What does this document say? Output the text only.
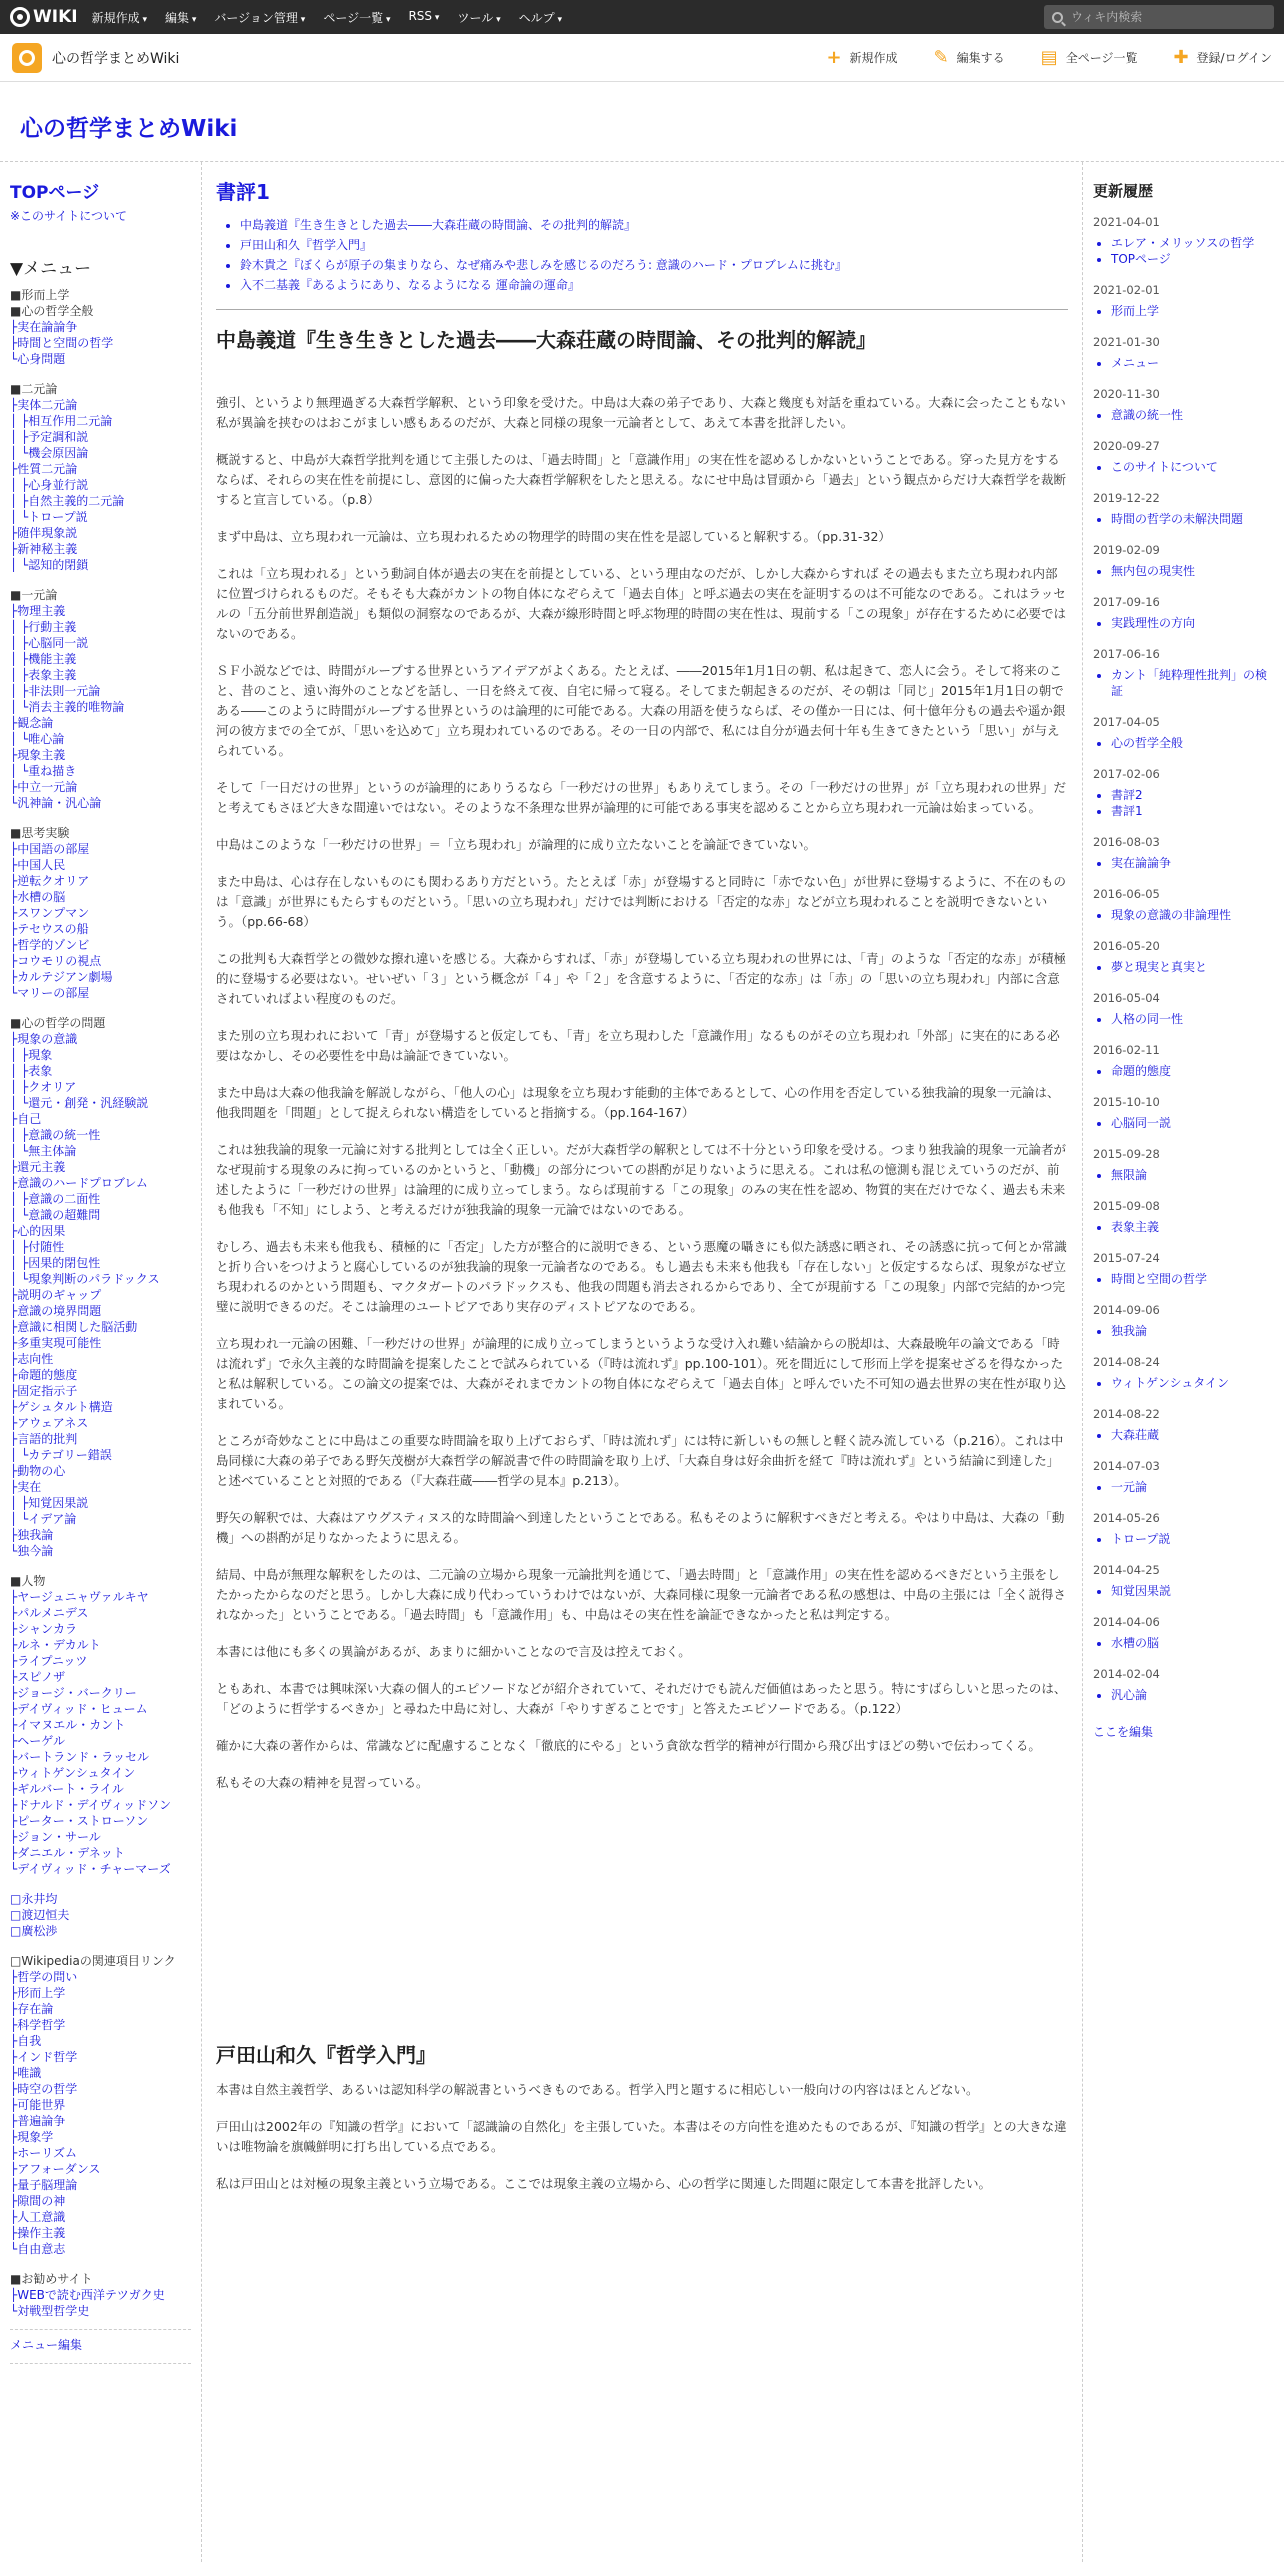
WIKI 新規作成 ▾	編集 ▾	バージョン管理 ▾	ページ一覧 ▾	RSS ▾	ツール ▾	ヘルプ ▾
ウィキ内検索
心の哲学まとめWiki	+ 新規作成 ✎ 編集する ▤ 全ページ一覧 ✚ 登録/ログイン
心の哲学まとめWiki
TOPページ
※このサイトについて
▼メニュー
■形而上学
■心の哲学全般
├実在論論争
├時間と空間の哲学
└心身問題
■二元論
├実体二元論
│ ├相互作用二元論
│ ├予定調和説
│ └機会原因論
├性質二元論
│ ├心身並行説
│ ├自然主義的二元論
│ └トロープ説
├随伴現象説
├新神秘主義
│ └認知的閉鎖
■一元論
├物理主義
│ ├行動主義
│ ├心脳同一説
│ ├機能主義
│ ├表象主義
│ ├非法則一元論
│ └消去主義的唯物論
├観念論
│ └唯心論
├現象主義
│ └重ね描き
├中立一元論
└汎神論・汎心論
■思考実験
├中国語の部屋
├中国人民
├逆転クオリア
├水槽の脳
├スワンプマン
├テセウスの船
├哲学的ゾンビ
├コウモリの視点
├カルテジアン劇場
└マリーの部屋
■心の哲学の問題
├現象の意識
│ ├現象
│ ├表象
│ ├クオリア
│ └還元・創発・汎経験説
├自己
│ ├意識の統一性
│ └無主体論
├還元主義
├意識のハードプロブレム
│ ├意識の二面性
│ └意識の超難問
├心的因果
│ ├付随性
│ ├因果的閉包性
│ └現象判断のパラドックス
├説明のギャップ
├意識の境界問題
├意識に相関した脳活動
├多重実現可能性
├志向性
├命題的態度
├固定指示子
├ゲシュタルト構造
├アウェアネス
├言語的批判
│ └カテゴリー錯誤
├動物の心
├実在
│ ├知覚因果説
│ └イデア論
├独我論
└独今論
■人物
├ヤージュニャヴァルキヤ
├パルメニデス
├シャンカラ
├ルネ・デカルト
├ライプニッツ
├スピノザ
├ジョージ・バークリー
├デイヴィッド・ヒューム
├イマヌエル・カント
├ヘーゲル
├バートランド・ラッセル
├ウィトゲンシュタイン
├ギルバート・ライル
├ドナルド・デイヴィッドソン
├ピーター・ストローソン
├ジョン・サール
├ダニエル・デネット
└デイヴィッド・チャーマーズ
□永井均
□渡辺恒夫
□廣松渉
□Wikipediaの関連項目リンク
├哲学の問い
├形而上学
├存在論
├科学哲学
├自我
├インド哲学
├唯識
├時空の哲学
├可能世界
├普遍論争
├現象学
├ホーリズム
├アフォーダンス
├量子脳理論
├隙間の神
├人工意識
├操作主義
└自由意志
■お勧めサイト
├WEBで読む西洋テツガク史
└対戦型哲学史
メニュー編集
書評1
• 中島義道『生き生きとした過去――大森荘蔵の時間論、その批判的解読』
• 戸田山和久『哲学入門』
• 鈴木貴之『ぼくらが原子の集まりなら、なぜ痛みや悲しみを感じるのだろう: 意識のハード・プロブレムに挑む』
• 入不二基義『あるようにあり、なるようになる 運命論の運命』
中島義道『生き生きとした過去――大森荘蔵の時間論、その批判的解読』

強引、というより無理過ぎる大森哲学解釈、という印象を受けた。中島は大森の弟子であり、大森と幾度も対話を重ねている。大森に会ったこともない私が異論を挟むのはおこがましい感もあるのだが、大森と同様の現象一元論者として、あえて本書を批評したい。

概説すると、中島が大森哲学批判を通じて主張したのは、「過去時間」と「意識作用」の実在性を認めるしかないということである。穿った見方をするならば、それらの実在性を前提にし、意図的に偏った大森哲学解釈をしたと思える。なにせ中島は冒頭から「過去」という観点からだけ大森哲学を裁断すると宣言している。（p.8）

まず中島は、立ち現われ一元論は、立ち現われるための物理学的時間の実在性を是認していると解釈する。（pp.31-32）

これは「立ち現われる」という動詞自体が過去の実在を前提としている、という理由なのだが、しかし大森からすれば その過去もまた立ち現われ内部に位置づけられるものだ。そもそも大森がカントの物自体になぞらえて「過去自体」と呼ぶ過去の実在を証明するのは不可能なのである。これはラッセルの「五分前世界創造説」も類似の洞察なのであるが、大森が線形時間と呼ぶ物理的時間の実在性は、現前する「この現象」が存在するために必要ではないのである。

ＳＦ小説などでは、時間がループする世界というアイデアがよくある。たとえば、――2015年1月1日の朝、私は起きて、恋人に会う。そして将来のこと、昔のこと、遠い海外のことなどを話し、一日を終えて夜、自宅に帰って寝る。そしてまた朝起きるのだが、その朝は「同じ」2015年1月1日の朝である――このように時間がループする世界というのは論理的に可能である。大森の用語を使うならば、その僅か一日には、何十億年分もの過去や遥か銀河の彼方までの全てが、「思いを込めて」立ち現われているのである。その一日の内部で、私には自分が過去何十年も生きてきたという「思い」が与えられている。

そして「一日だけの世界」というのが論理的にありうるなら「一秒だけの世界」もありえてしまう。その「一秒だけの世界」が「立ち現われの世界」だと考えてもさほど大きな間違いではない。そのような不条理な世界が論理的に可能である事実を認めることから立ち現われ一元論は始まっている。

中島はこのような「一秒だけの世界」＝「立ち現われ」が論理的に成り立たないことを論証できていない。

また中島は、心は存在しないものにも関わるあり方だという。たとえば「赤」が登場すると同時に「赤でない色」が世界に登場するように、不在のものは「意識」が世界にもたらすものだという。「思いの立ち現われ」だけでは判断における「否定的な赤」などが立ち現われることを説明できないという。（pp.66-68）

この批判も大森哲学との微妙な擦れ違いを感じる。大森からすれば、「赤」が登場している立ち現われの世界には、「青」のような「否定的な赤」が積極的に登場する必要はない。せいぜい「３」という概念が「４」や「２」を含意するように、「否定的な赤」は「赤」の「思いの立ち現われ」内部に含意されていればよい程度のものだ。

また別の立ち現われにおいて「青」が登場すると仮定しても、「青」を立ち現わした「意識作用」なるものがその立ち現われ「外部」に実在的にある必要はなかし、その必要性を中島は論証できていない。

また中島は大森の他我論を解説しながら、「他人の心」は現象を立ち現わす能動的主体であるとして、心の作用を否定している独我論的現象一元論は、他我問題を「問題」として捉えられない構造をしていると指摘する。（pp.164-167）

これは独我論的現象一元論に対する批判としては全く正しい。だが大森哲学の解釈としては不十分という印象を受ける。つまり独我論的現象一元論者がなぜ現前する現象のみに拘っているのかというと、「動機」の部分についての斟酌が足りないように思える。これは私の憶測も混じえていうのだが、前述したように「一秒だけの世界」は論理的に成り立ってしまう。ならば現前する「この現象」のみの実在性を認め、物質的実在だけでなく、過去も未来も他我も「不知」にしよう、と考えるだけが独我論的現象一元論ではないのである。

むしろ、過去も未来も他我も、積極的に「否定」した方が整合的に説明できる、という悪魔の囁きにも似た誘惑に晒され、その誘惑に抗って何とか常識と折り合いをつけようと腐心しているのが独我論的現象一元論者なのである。もし過去も未来も他我も「存在しない」と仮定するならば、現象がなぜ立ち現われるのかという問題も、マクタガートのパラドックスも、他我の問題も消去されるからであり、全てが現前する「この現象」内部で完結的かつ完璧に説明できるのだ。そこは論理のユートピアであり実存のディストピアなのである。

立ち現われ一元論の困難、「一秒だけの世界」が論理的に成り立ってしまうというような受け入れ難い結論からの脱却は、大森最晩年の論文である「時は流れず」で永久主義的な時間論を提案したことで試みられている（『時は流れず』pp.100-101）。死を間近にして形而上学を提案せざるを得なかったと私は解釈している。この論文の提案では、大森がそれまでカントの物自体になぞらえて「過去自体」と呼んでいた不可知の過去世界の実在性が取り込まれている。

ところが奇妙なことに中島はこの重要な時間論を取り上げておらず、「時は流れず」には特に新しいもの無しと軽く読み流している（p.216）。これは中島同様に大森の弟子である野矢茂樹が大森哲学の解説書で件の時間論を取り上げ、「大森自身は好余曲折を経て『時は流れず』という結論に到達した」と述べていることと対照的である（『大森荘蔵――哲学の見本』p.213）。

野矢の解釈では、大森はアウグスティヌス的な時間論へ到達したということである。私もそのように解釈すべきだと考える。やはり中島は、大森の「動機」への斟酌が足りなかったように思える。

結局、中島が無理な解釈をしたのは、二元論の立場から現象一元論批判を通じて、「過去時間」と「意識作用」の実在性を認めるべきだという主張をしたかったからなのだと思う。しかし大森に成り代わっていうわけではないが、大森同様に現象一元論者である私の感想は、中島の主張には「全く説得されなかった」ということである。「過去時間」も「意識作用」も、中島はその実在性を論証できなかったと私は判定する。

本書には他にも多くの異論があるが、あまりに細かいことなので言及は控えておく。

ともあれ、本書では興味深い大森の個人的エピソードなどが紹介されていて、それだけでも読んだ価値はあったと思う。特にすばらしいと思ったのは、「どのように哲学するべきか」と尋ねた中島に対し、大森が「やりすぎることです」と答えたエピソードである。（p.122）

確かに大森の著作からは、常識などに配慮することなく「徹底的にやる」という貪欲な哲学的精神が行間から飛び出すほどの勢いで伝わってくる。

私もその大森の精神を見習っている。

戸田山和久『哲学入門』

本書は自然主義哲学、あるいは認知科学の解説書というべきものである。哲学入門と題するに相応しい一般向けの内容はほとんどない。

戸田山は2002年の『知識の哲学』において「認識論の自然化」を主張していた。本書はその方向性を進めたものであるが、『知識の哲学』との大きな違いは唯物論を旗幟鮮明に打ち出している点である。

私は戸田山とは対極の現象主義という立場である。ここでは現象主義の立場から、心の哲学に関連した問題に限定して本書を批評したい。

更新履歴
2021-04-01
• エレア・メリッソスの哲学
• TOPページ
2021-02-01
• 形而上学
2021-01-30
• メニュー
2020-11-30
• 意識の統一性
2020-09-27
• このサイトについて
2019-12-22
• 時間の哲学の未解決問題
2019-02-09
• 無内包の現実性
2017-09-16
• 実践理性の方向
2017-06-16
• カント「純粋理性批判」の検証
2017-04-05
• 心の哲学全般
2017-02-06
• 書評2
• 書評1
2016-08-03
• 実在論論争
2016-06-05
• 現象の意識の非論理性
2016-05-20
• 夢と現実と真実と
2016-05-04
• 人格の同一性
2016-02-11
• 命題的態度
2015-10-10
• 心脳同一説
2015-09-28
• 無限論
2015-09-08
• 表象主義
2015-07-24
• 時間と空間の哲学
2014-09-06
• 独我論
2014-08-24
• ウィトゲンシュタイン
2014-08-22
• 大森荘蔵
2014-07-03
• 一元論
2014-05-26
• トロープ説
2014-04-25
• 知覚因果説
2014-04-06
• 水槽の脳
2014-02-04
• 汎心論
ここを編集
